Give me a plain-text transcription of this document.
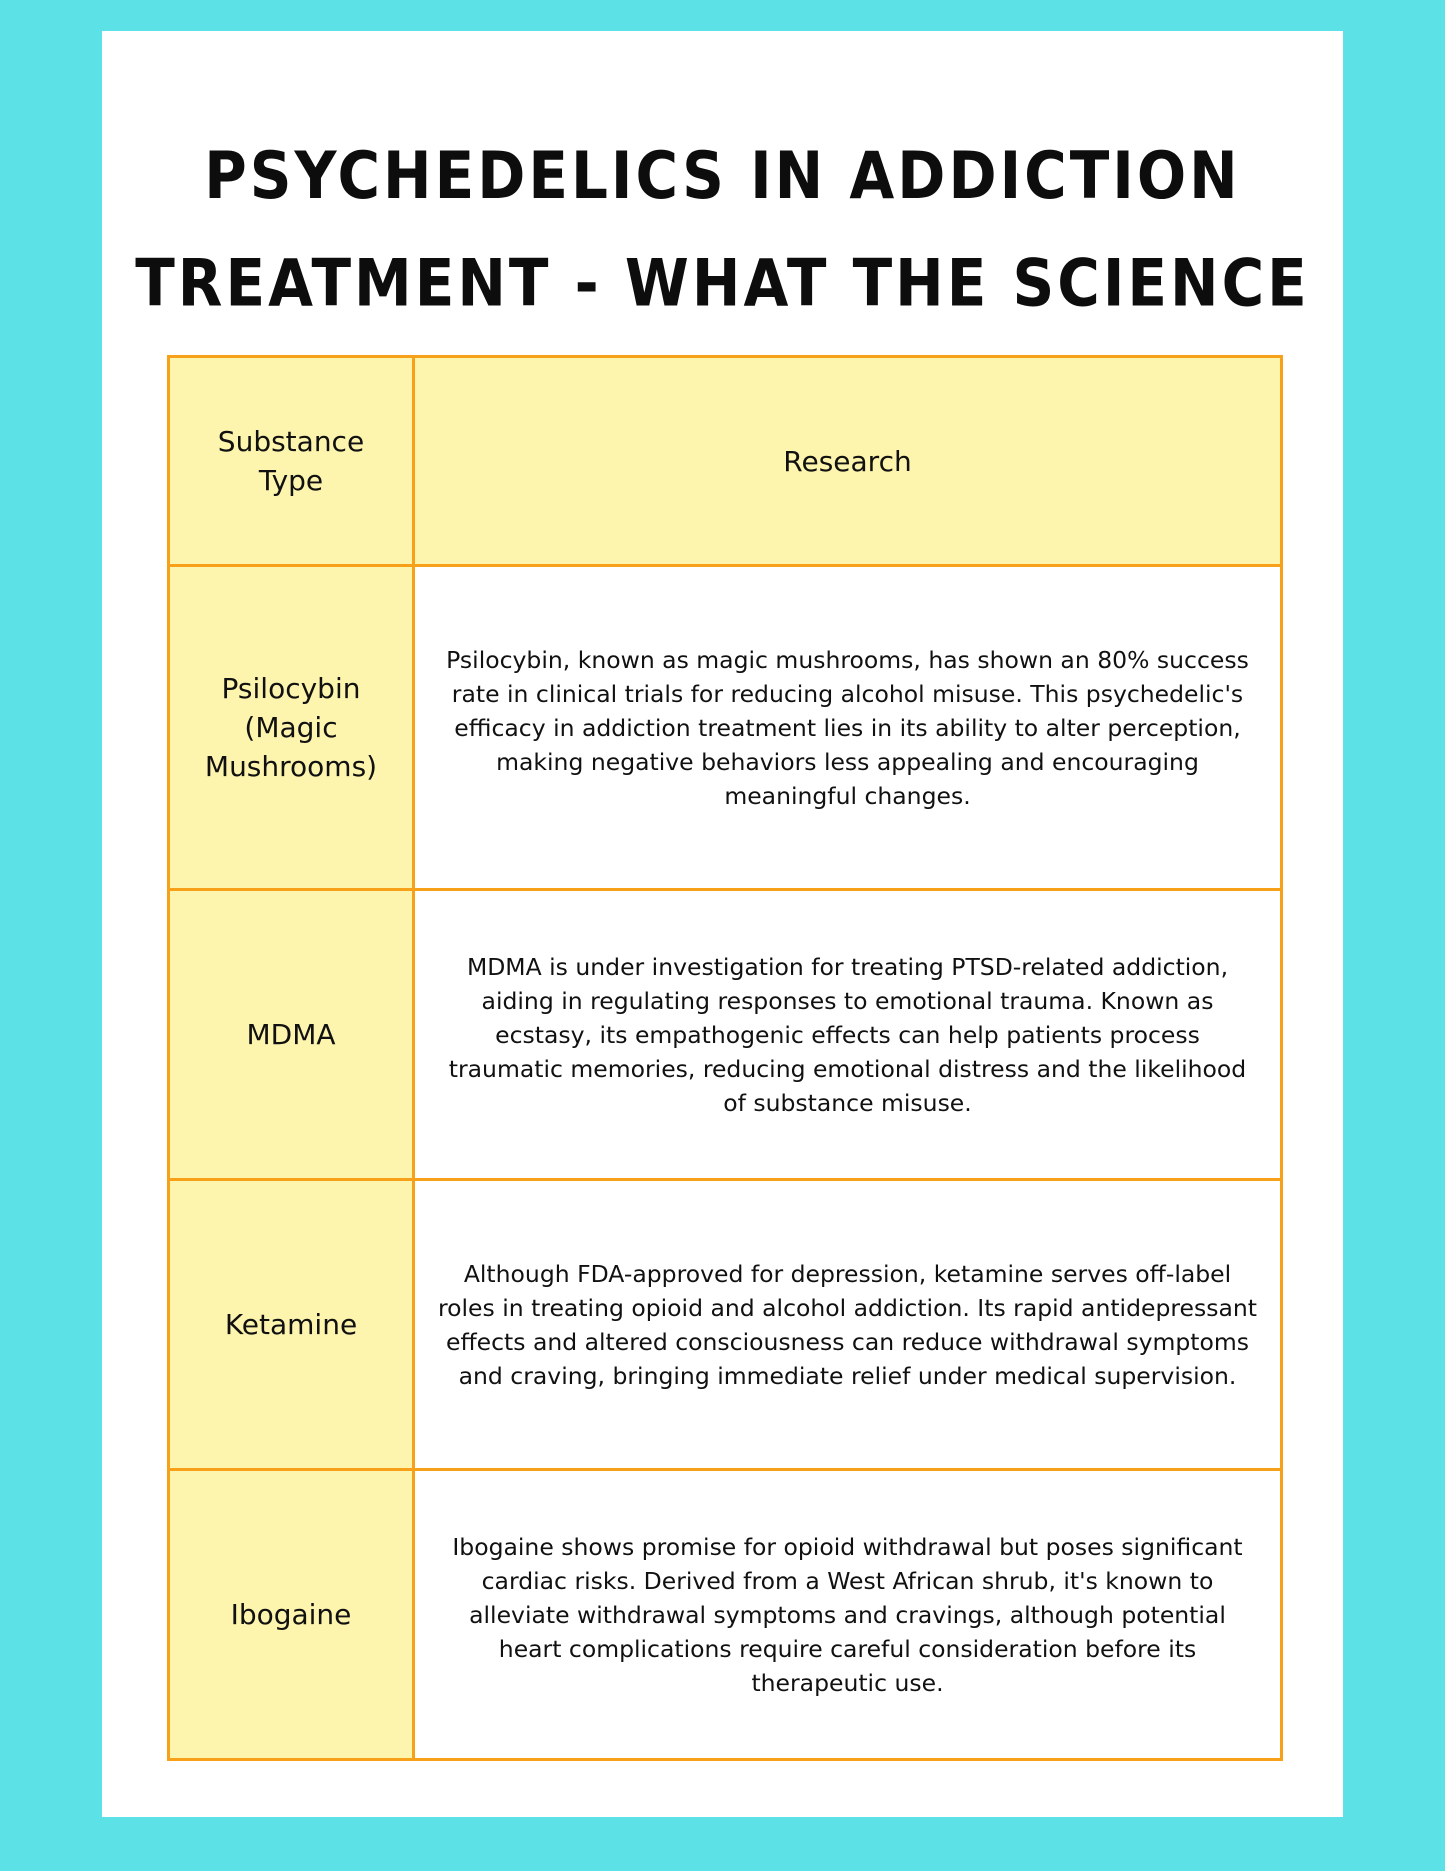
PSYCHEDELICS IN ADDICTION
TREATMENT - WHAT THE SCIENCE
Substance Type	Research
Psilocybin (Magic Mushrooms)	Psilocybin, known as magic mushrooms, has shown an 80% success rate in clinical trials for reducing alcohol misuse. This psychedelic's efficacy in addiction treatment lies in its ability to alter perception, making negative behaviors less appealing and encouraging meaningful changes.
MDMA	MDMA is under investigation for treating PTSD-related addiction, aiding in regulating responses to emotional trauma. Known as ecstasy, its empathogenic effects can help patients process traumatic memories, reducing emotional distress and the likelihood of substance misuse.
Ketamine	Although FDA-approved for depression, ketamine serves off-label roles in treating opioid and alcohol addiction. Its rapid antidepressant effects and altered consciousness can reduce withdrawal symptoms and craving, bringing immediate relief under medical supervision.
Ibogaine	Ibogaine shows promise for opioid withdrawal but poses significant cardiac risks. Derived from a West African shrub, it's known to alleviate withdrawal symptoms and cravings, although potential heart complications require careful consideration before its therapeutic use.
